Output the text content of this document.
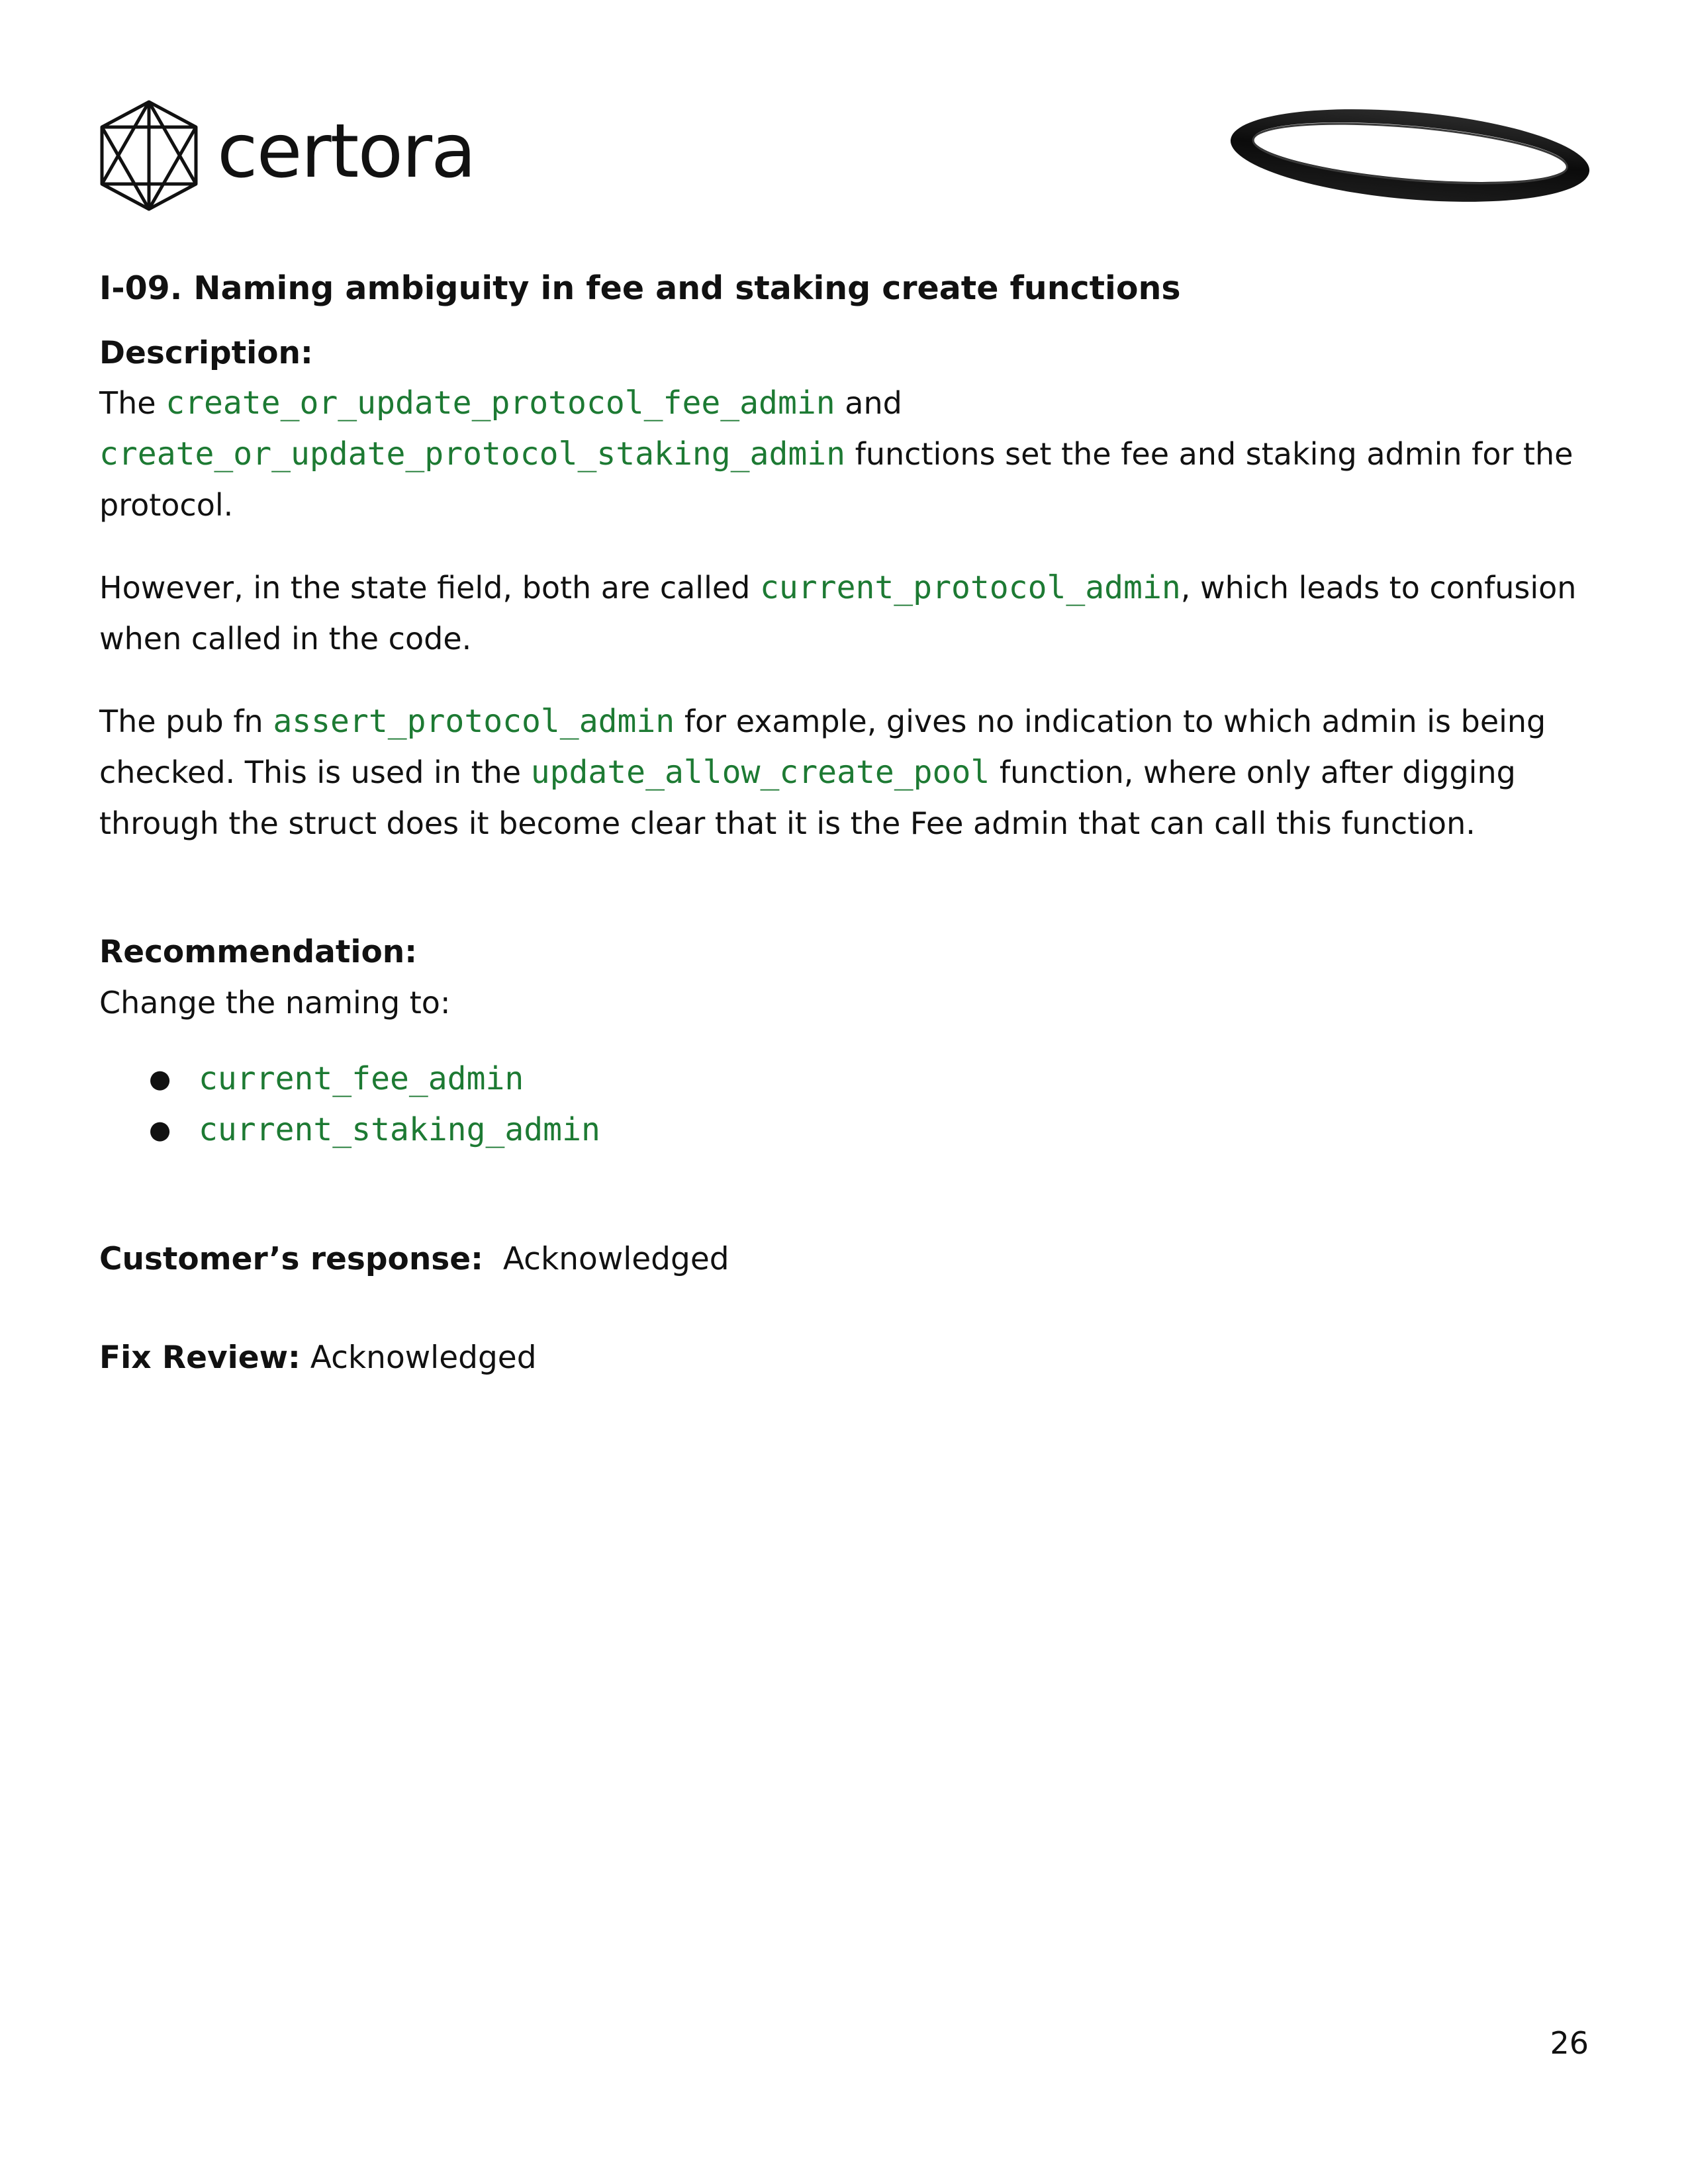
certora
I-09. Naming ambiguity in fee and staking create functions
Description:

The create_or_update_protocol_fee_admin and
create_or_update_protocol_staking_admin functions set the fee and staking admin for the protocol.

However, in the state field, both are called current_protocol_admin, which leads to confusion when called in the code.

The pub fn assert_protocol_admin for example, gives no indication to which admin is being checked. This is used in the update_allow_create_pool function, where only after digging through the struct does it become clear that it is the Fee admin that can call this function.

Recommendation:

Change the naming to:

● current_fee_admin
● current_staking_admin
Customer’s response: Acknowledged
Fix Review: Acknowledged
26
